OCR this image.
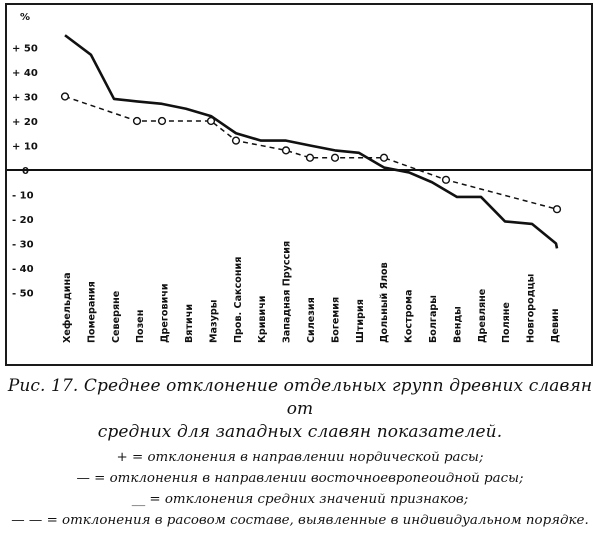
%
+ 50
+ 40
+ 30
+ 20
+ 10
0
- 10
- 20
- 30
- 40
- 50	Хефельдина Померания Северяне Позен Дреговичи Вятичи Мазуры Пров. Саксония Кривичи Западная Пруссия Силезия Богемия Штирия Дольный Ялов Кострома Болгары Венды Древляне Поляне Новгородцы Девин
Рис. 17. Среднее отклонение отдельных групп древних славян от
средних для западных славян показателей.
+ = отклонения в направлении нордической расы;
— = отклонения в направлении восточноевропеоидной расы;
__ = отклонения средних значений признаков;
— — = отклонения в расовом составе, выявленные в индивидуальном порядке.
